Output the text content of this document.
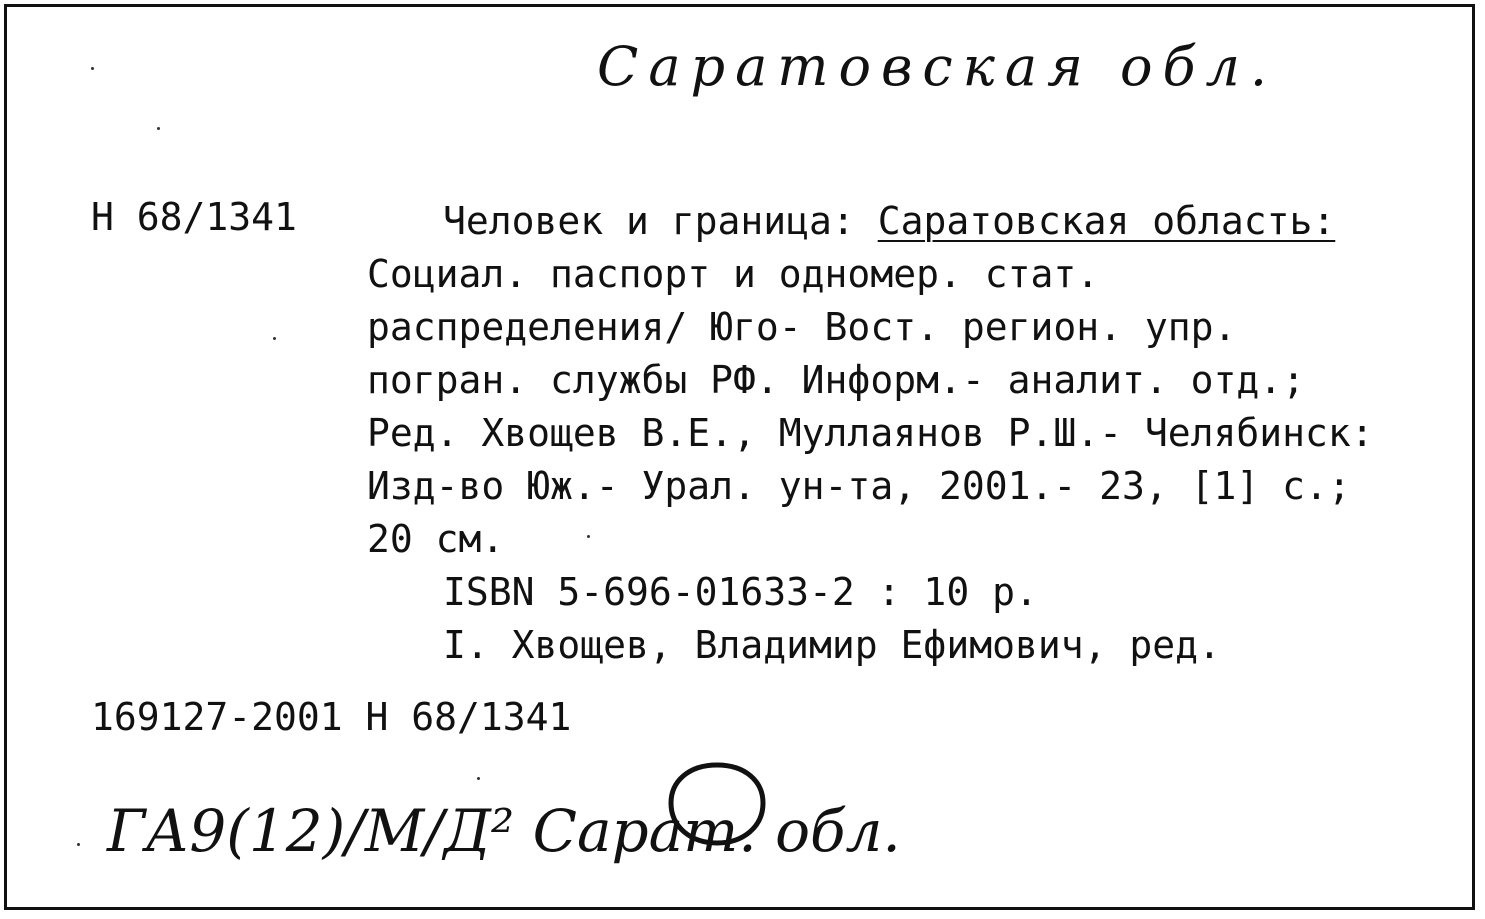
Саратовская обл.
Н 68/1341	Человек и граница: Саратовская область:
Социал. паспорт и одномер. стат.
распределения/ Юго- Вост. регион. упр.
погран. службы РФ. Информ.- аналит. отд.;
Ред. Хвощев В.Е., Муллаянов Р.Ш.- Челябинск:
Изд-во Юж.- Урал. ун-та, 2001.- 23, [1] с.;
20 см.
ISBN 5-696-01633-2 : 10 р.
I. Хвощев, Владимир Ефимович, ред.
169127-2001 Н 68/1341
ГА9(12)/М/Д² Сарат. обл.
